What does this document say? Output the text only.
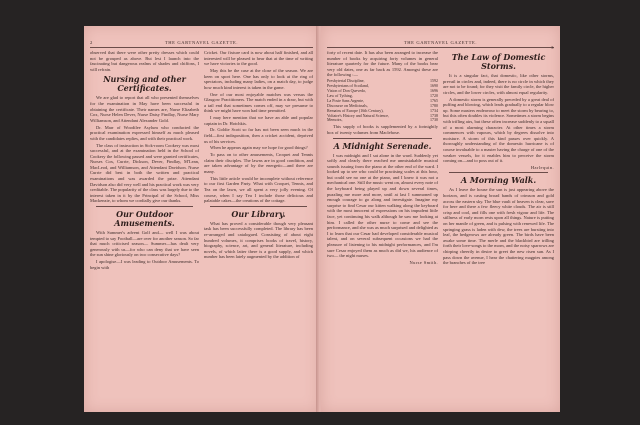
2	THE GARTNAVEL GAZETTE.

observed that there were other pretty dresses which could not be grouped as above. But lest I launch into the fascinating but dangerous realms of shades and chiffons, I will refrain.

Nursing and other Certificates.

We are glad to report that all who presented themselves for the examination in May have been successful in obtaining the certificate. Their names are, Nurse Elizabeth Cox, Nurse Helen Dever, Nurse Daisy Findlay, Nurse Mary Williamson, and Attendant Alexander Gold.

Dr. Marr of Woodilee Asylum who conducted the practical examination expressed himself as much pleased with the candidates replies, and with their practical work.

The class of instruction in Sick-room Cookery was most successful, and at the examination held in the School of Cookery the following passed and were granted certificates, Nurses Cox, Currie, Dickson, Dever, Findlay, M'Lean, MacLeod, and Williamson, and Attendant Davidson. Nurse Currie did best in both the written and practical examinations and was awarded the prize. Attendant Davidson also did very well and his practical work was very creditable. The popularity of the class was largely due to the interest taken in it by the Principal of the School, Miss Mackenzie, to whom we cordially give our thanks.

Our Outdoor Amusements.

With Summer's advent Golf and— well I was about tempted to say Football—are over for another season. So far that much criticised season— Summer—has dealt very generously with us—for who can deny that we have seen the sun shine gloriously on two consecutive days?

I apologise—I was leading to Outdoor Amusements. To begin with

Cricket. Our fixture card is now about half finished, and all interested will be pleased to hear that at the time of writing we have victories to the good.

May this be the case at the close of the season. We are keen on sport here. One has only to look at the ring of spectators, including many ladies, on a match day, to judge how much kind interest is taken in the game.

One of our most enjoyable matches was versus the Glasgow Practitioners. The match ended in a draw, but with a tail end that sometimes comes off, may we presume to think we might have won had time permitted.

I may here mention that we have an able and popular captain in Dr. Hotchkis.

Dr. Goldie Scott so far has not been seen much in the field—first indisposition, then a cricket accident, deprived us of his services.

When he appears again may we hope for good things?

To pass on to other amusements, Croquet and Tennis claim their disciples. The lawns are in good condition, and are taken advantage of by the energetic—and there are many.

This little article would be incomplete without reference to our first Garden Party. What with Croquet, Tennis, and Tea on the lawn, we all spent a very jolly evening. Of course, when I say Tea I include those delicious and palatable cakes—the creations of the cottage.

Our Library.

What has proved a considerable though very pleasant task has been successfully completed. The library has been re-arranged and catalogued. Consisting of about eight hundred volumes, it comprises books of travel, history, biography, science, art, and general literature, including novels, of which latter there is a good supply, and which number has been lately augmented by the addition of

THE GARTNAVEL GAZETTE.
3

forty of recent date. It has also been arranged to increase the number of books by acquiring forty volumes in general literature quarterly for the future. Many of the books bear very old dates, one as far back as 1592. Amongst these are the following :—

Presbyterial Discipline,	1592
Presbyterians of Scotland,	1690
Vision of Don Quevedo,	1696
Law of Tything,	1720
La Poste Sans Argente,	1765
Discourse on Medicinals,	1780
Remains of Europe (16th Century),	1734
Voltaire's History and Natural Science,	1738
Memoirs,	1730

This supply of books is supplemented by a fortnightly box of twenty volumes from Maclehose.

A Midnight Serenade.

I was midnight and I sat alone in the ward. Suddenly yet softly and clearly there reached me unmistakable musical sounds issuing from the piano at the other end of the ward. I looked up to see who could be practising scales at this hour, but could see no one at the piano, and I knew it was not a mechanical one. Still the music went on, almost every note of the keyboard being played up and down several times, puzzling me more and more, until at last I summoned up enough courage to go along and investigate. Imagine my surprise to find Cesar our kitten walking along the keyboard with the most innocent of expressions on his impudent little face, yet continuing his walk although he saw me looking at him. I called the other nurse to come and see the performance, and she was as much surprised and delighted as I to learn that our Cesar had developed considerable musical talent, and on several subsequent occasions we had the pleasure of listening to his midnight performances, and I'm sure Cesar enjoyed them as much as did we, his audience of two— the night nurses.

Nurse Smith.
The Law of Domestic Storms.

It is a singular fact, that domestic, like other storms, prevail in circles and, indeed, there is no circle in which they are not to be found; for they visit the family circle, the higher circles, and the lower circles, with almost equal regularity.

A domestic storm is generally preceded by a great deal of puffing and blowing, which leads gradually to a regular blow up. Some masters endeavour to meet the storm by bearing to, but this often doubles its violence. Sometimes a storm begins with trifling airs, but these often increase suddenly to a squall of a most alarming character. At other times a storm commences with vapours, which by degrees dissolve into moisture. A storm of this kind passes over quickly. A thoroughly understanding of the domestic hurricane is of course invaluable to a master having the charge of one of the weaker vessels, for it enables him to perceive the storm coming on—and to poss out of it.

Harlequin.
A Morning Walk.

As I leave the house the sun is just appearing above the horizon, and is casting broad bands of crimson and gold across the eastern sky. The blue vault of heaven is clear, save for here and there a few fleecy white clouds. The air is still crisp and cool, and fills one with fresh vigour and life. The stillness of early morn rests upon all things. Nature is putting on her mantle of green, and is pulsing with renewed life. The springing grass is laden with dew, the trees are bursting into leaf, the hedgerows are already green. The birds have been awake some time. The merle and the blackbird are trilling forth their love-songs to the morn, and the noisy sparrows are chirping cheerily in desire to greet the new risen sun. As I pass down the avenue, I hear the chattering magpies among the branches of the tree
